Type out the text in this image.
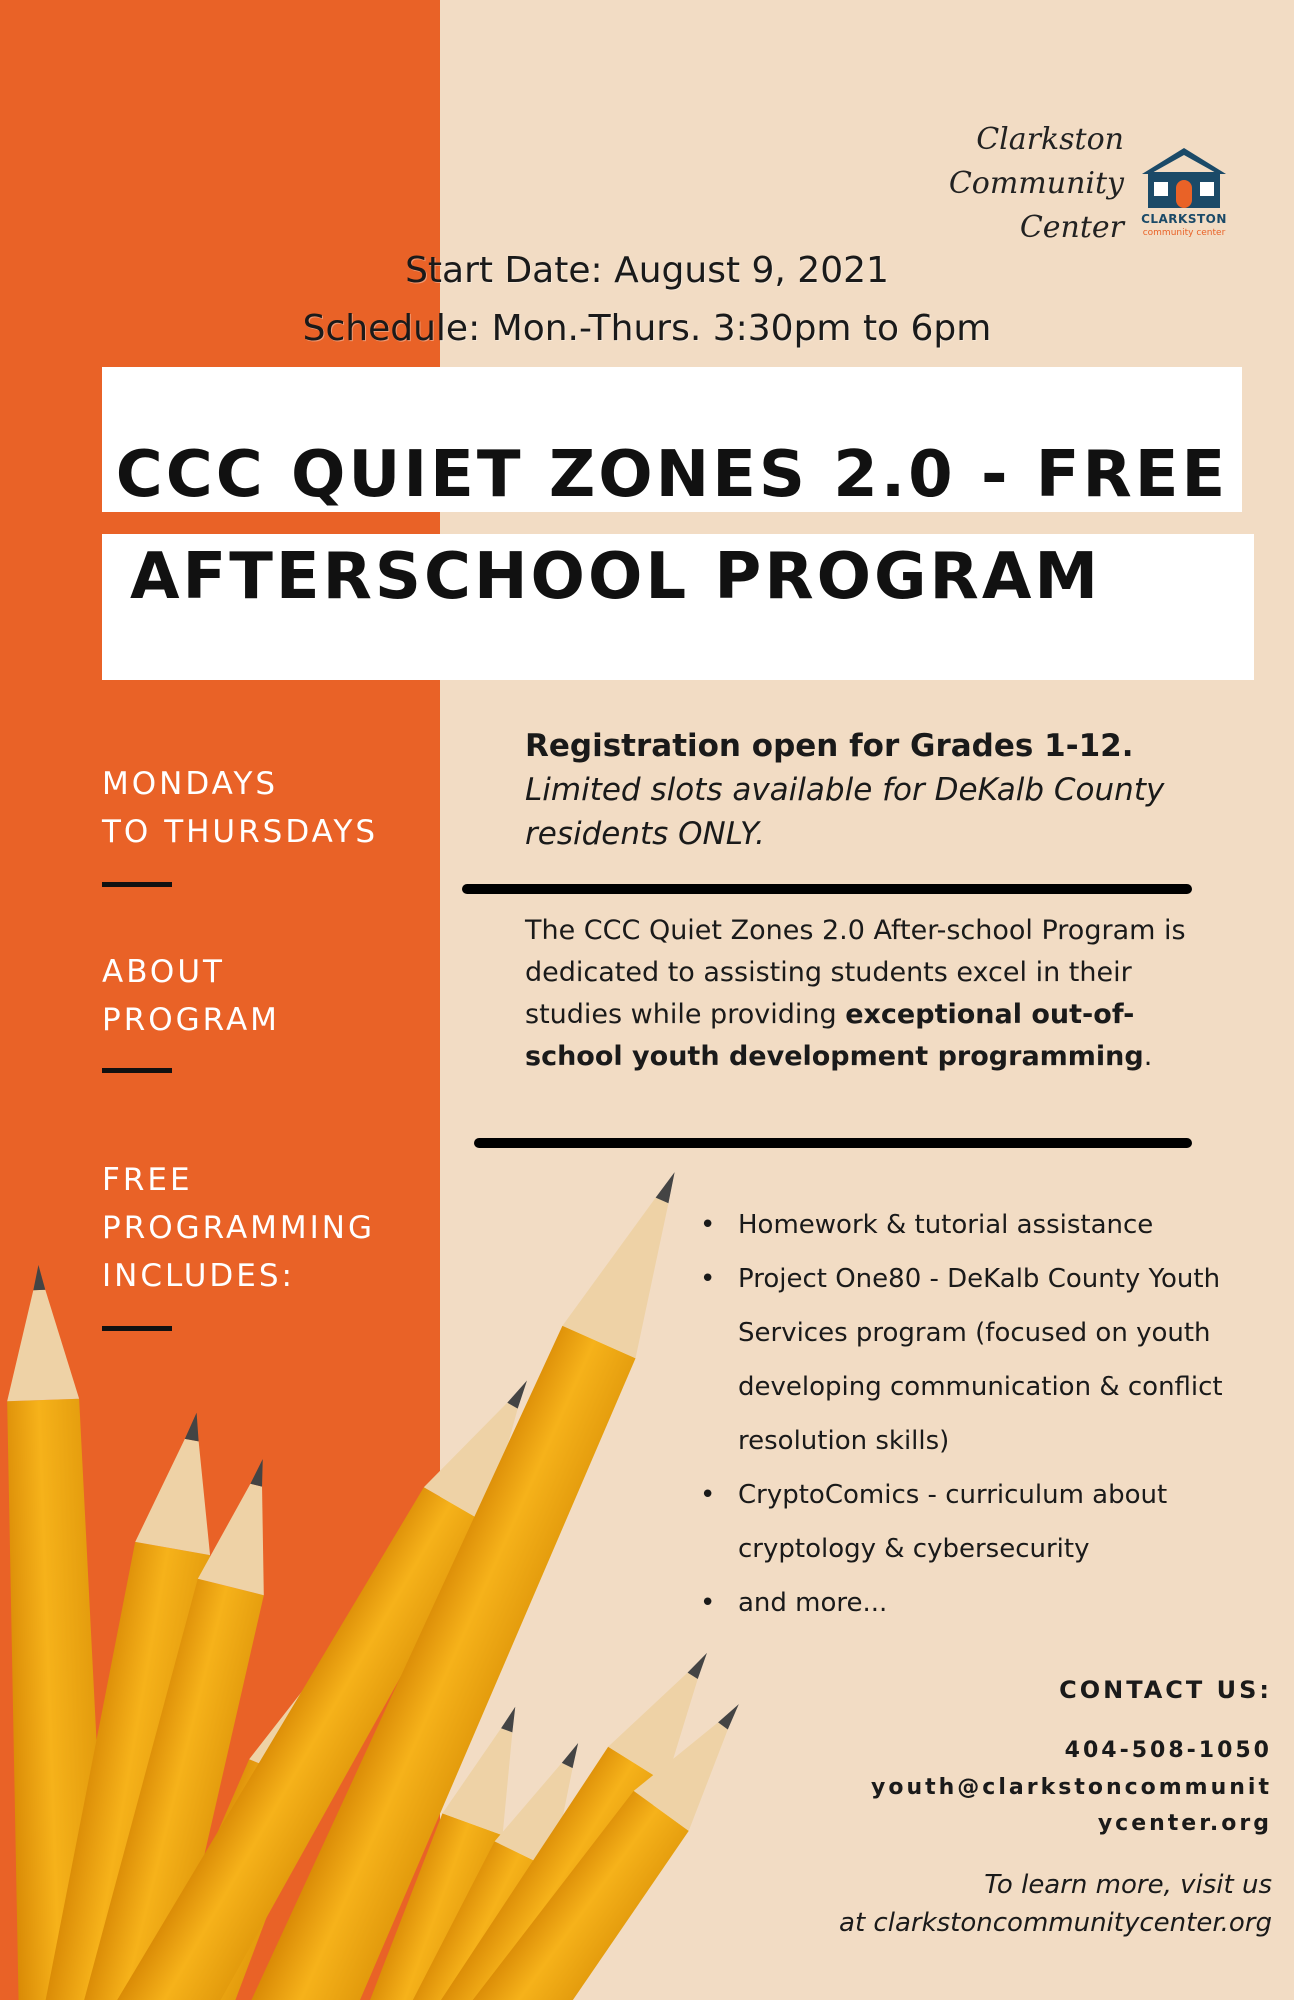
Clarkston
Community
Center	CLARKSTON
community center
Start Date: August 9, 2021
Schedule: Mon.-Thurs. 3:30pm to 6pm
CCC QUIET ZONES 2.0 - FREE
AFTERSCHOOL PROGRAM
MONDAYS
TO THURSDAYS
ABOUT
PROGRAM
FREE
PROGRAMMING
INCLUDES:
Registration open for Grades 1-12.
Limited slots available for DeKalb County residents ONLY.
The CCC Quiet Zones 2.0 After-school Program is dedicated to assisting students excel in their studies while providing exceptional out-of-school youth development programming.
• Homework & tutorial assistance
• Project One80 - DeKalb County Youth Services program (focused on youth developing communication & conflict resolution skills)
• CryptoComics - curriculum about cryptology & cybersecurity
• and more...
CONTACT US:
404-508-1050
youth@clarkstoncommunit
ycenter.org
To learn more, visit us
at clarkstoncommunitycenter.org
